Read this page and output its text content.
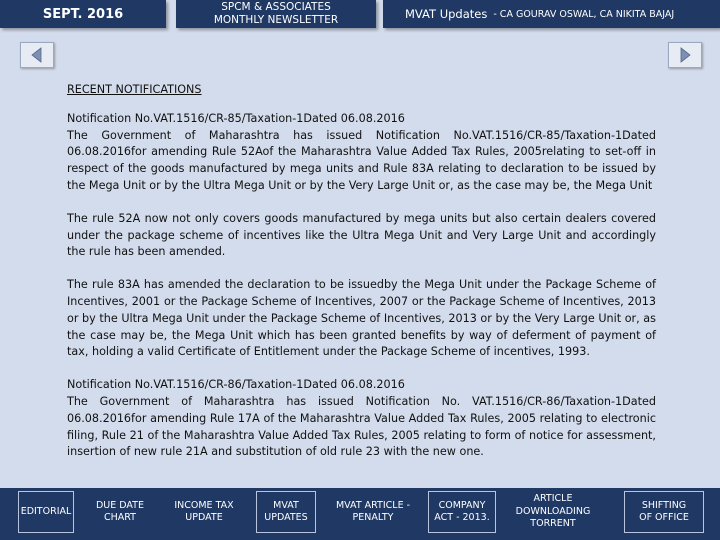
SEPT. 2016	SPCM & ASSOCIATES
MONTHLY NEWSLETTER	MVAT Updates - CA GOURAV OSWAL, CA NIKITA BAJAJ
RECENT NOTIFICATIONS

Notification No.VAT.1516/CR-85/Taxation-1Dated 06.08.2016

The Government of Maharashtra has issued Notification No.VAT.1516/CR-85/Taxation-1Dated 06.08.2016for amending Rule 52Aof the Maharashtra Value Added Tax Rules, 2005relating to set-off in respect of the goods manufactured by mega units and Rule 83A relating to declaration to be issued by the Mega Unit or by the Ultra Mega Unit or by the Very Large Unit or, as the case may be, the Mega Unit

The rule 52A now not only covers goods manufactured by mega units but also certain dealers covered under the package scheme of incentives like the Ultra Mega Unit and Very Large Unit and accordingly the rule has been amended.

The rule 83A has amended the declaration to be issuedby the Mega Unit under the Package Scheme of Incentives, 2001 or the Package Scheme of Incentives, 2007 or the Package Scheme of Incentives, 2013 or by the Ultra Mega Unit under the Package Scheme of Incentives, 2013 or by the Very Large Unit or, as the case may be, the Mega Unit which has been granted benefits by way of deferment of payment of tax, holding a valid Certificate of Entitlement under the Package Scheme of incentives, 1993.

Notification No.VAT.1516/CR-86/Taxation-1Dated 06.08.2016

The Government of Maharashtra has issued Notification No. VAT.1516/CR-86/Taxation-1Dated 06.08.2016for amending Rule 17A of the Maharashtra Value Added Tax Rules, 2005 relating to electronic filing, Rule 21 of the Maharashtra Value Added Tax Rules, 2005 relating to form of notice for assessment, insertion of new rule 21A and substitution of old rule 23 with the new one.

EDITORIAL
DUE DATE
CHART
INCOME TAX
UPDATE
MVAT
UPDATES
MVAT ARTICLE -
PENALTY
COMPANY
ACT - 2013.
ARTICLE
DOWNLOADING
TORRENT
SHIFTING
OF OFFICE
